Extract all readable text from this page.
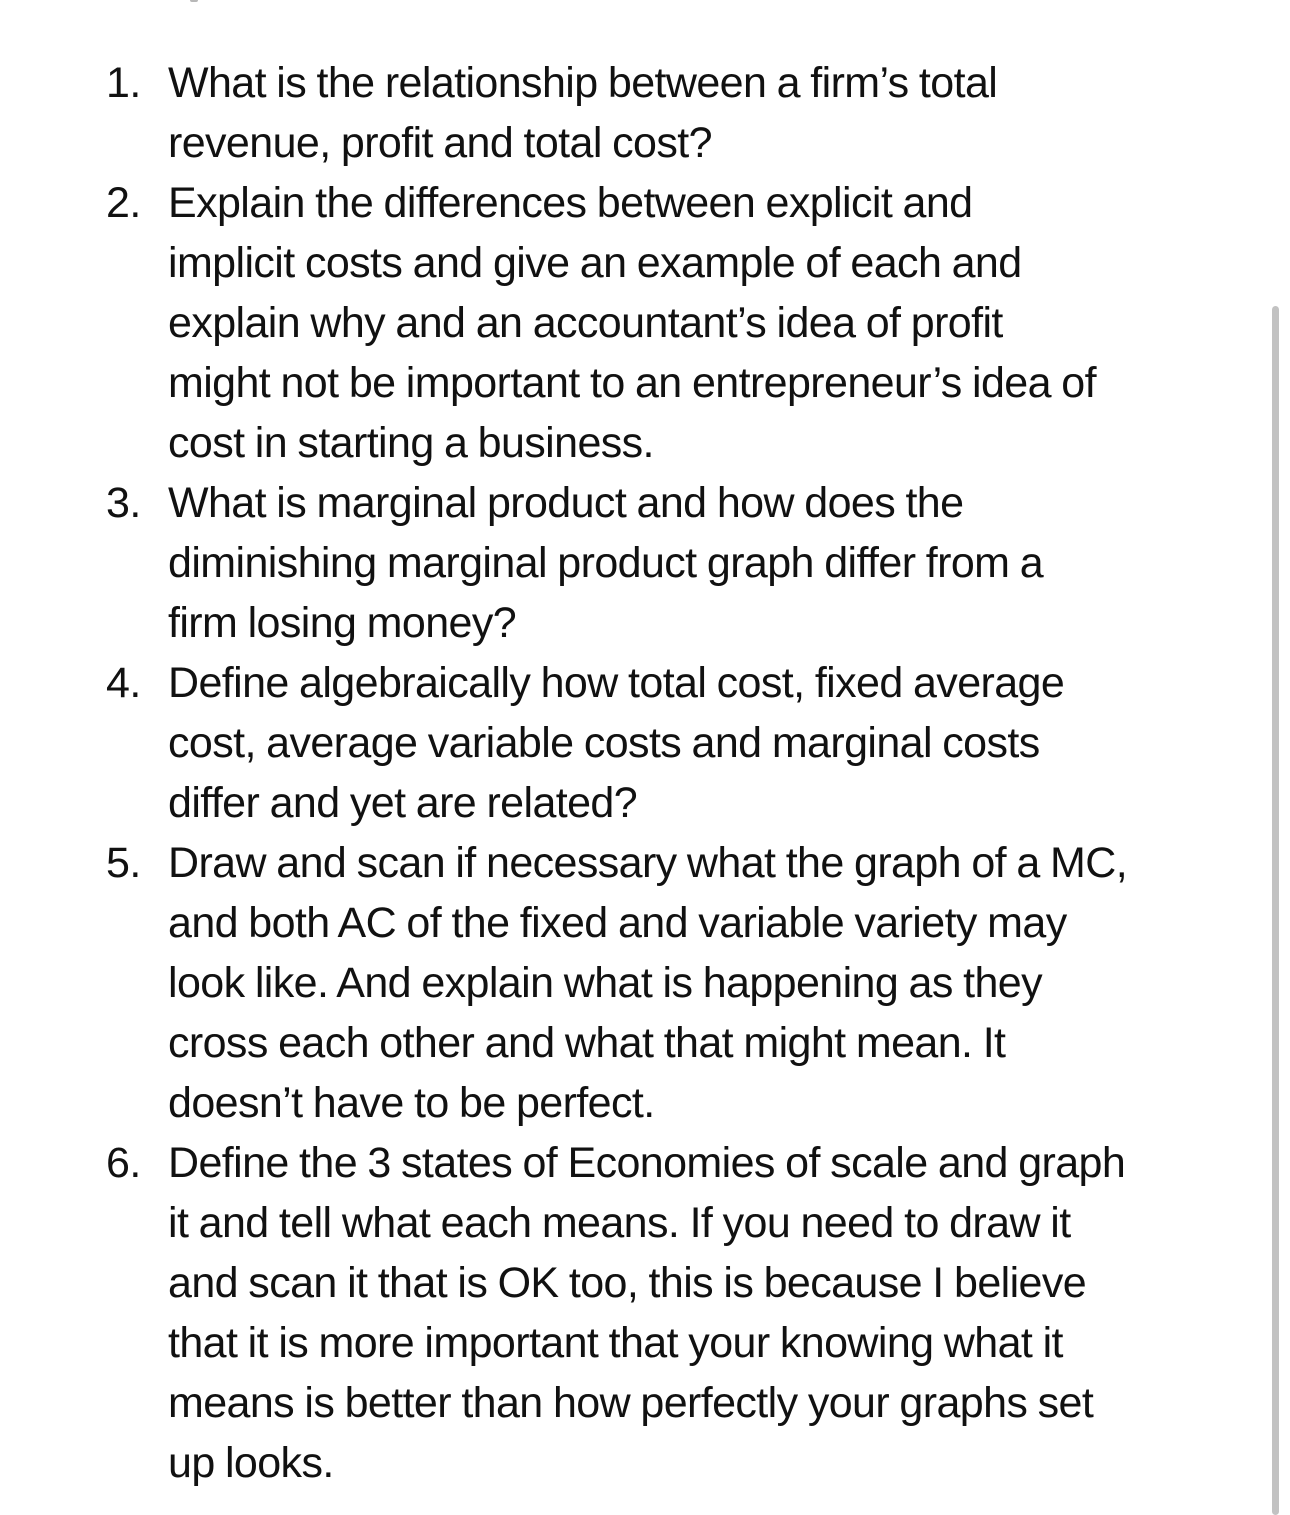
1. What is the relationship between a firm’s total
revenue, profit and total cost?
2. Explain the differences between explicit and
implicit costs and give an example of each and
explain why and an accountant’s idea of profit
might not be important to an entrepreneur’s idea of
cost in starting a business.
3. What is marginal product and how does the
diminishing marginal product graph differ from a
firm losing money?
4. Define algebraically how total cost, fixed average
cost, average variable costs and marginal costs
differ and yet are related?
5. Draw and scan if necessary what the graph of a MC,
and both AC of the fixed and variable variety may
look like. And explain what is happening as they
cross each other and what that might mean. It
doesn’t have to be perfect.
6. Define the 3 states of Economies of scale and graph
it and tell what each means. If you need to draw it
and scan it that is OK too, this is because I believe
that it is more important that your knowing what it
means is better than how perfectly your graphs set
up looks.
